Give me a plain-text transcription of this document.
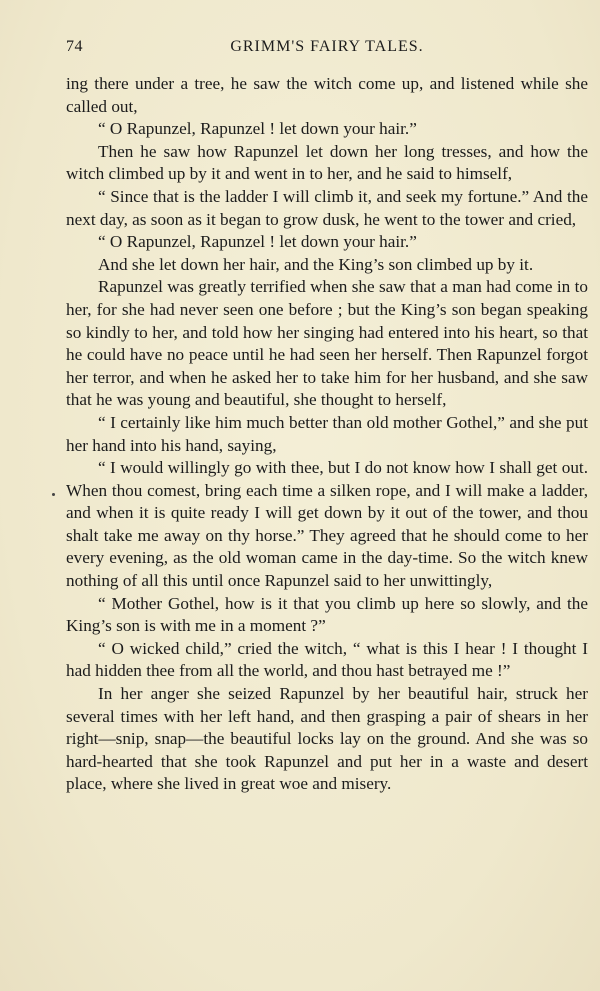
74	GRIMM'S FAIRY TALES.

ing there under a tree, he saw the witch come up, and listened while she called out,

“ O Rapunzel, Rapunzel ! let down your hair.”

Then he saw how Rapunzel let down her long tresses, and how the witch climbed up by it and went in to her, and he said to himself,

“ Since that is the ladder I will climb it, and seek my fortune.” And the next day, as soon as it began to grow dusk, he went to the tower and cried,

“ O Rapunzel, Rapunzel ! let down your hair.”

And she let down her hair, and the King’s son climbed up by it.

Rapunzel was greatly terrified when she saw that a man had come in to her, for she had never seen one before ; but the King’s son began speaking so kindly to her, and told how her singing had entered into his heart, so that he could have no peace until he had seen her herself. Then Rapunzel forgot her terror, and when he asked her to take him for her husband, and she saw that he was young and beautiful, she thought to herself,

“ I certainly like him much better than old mother Gothel,” and she put her hand into his hand, saying,

“ I would willingly go with thee, but I do not know how I shall get out. When thou comest, bring each time a silken rope, and I will make a ladder, and when it is quite ready I will get down by it out of the tower, and thou shalt take me away on thy horse.” They agreed that he should come to her every evening, as the old woman came in the day-time. So the witch knew nothing of all this until once Rapunzel said to her unwittingly,

“ Mother Gothel, how is it that you climb up here so slowly, and the King’s son is with me in a moment ?”

“ O wicked child,” cried the witch, “ what is this I hear ! I thought I had hidden thee from all the world, and thou hast betrayed me !”

In her anger she seized Rapunzel by her beautiful hair, struck her several times with her left hand, and then grasping a pair of shears in her right—snip, snap—the beautiful locks lay on the ground. And she was so hard-hearted that she took Rapunzel and put her in a waste and desert place, where she lived in great woe and misery.
